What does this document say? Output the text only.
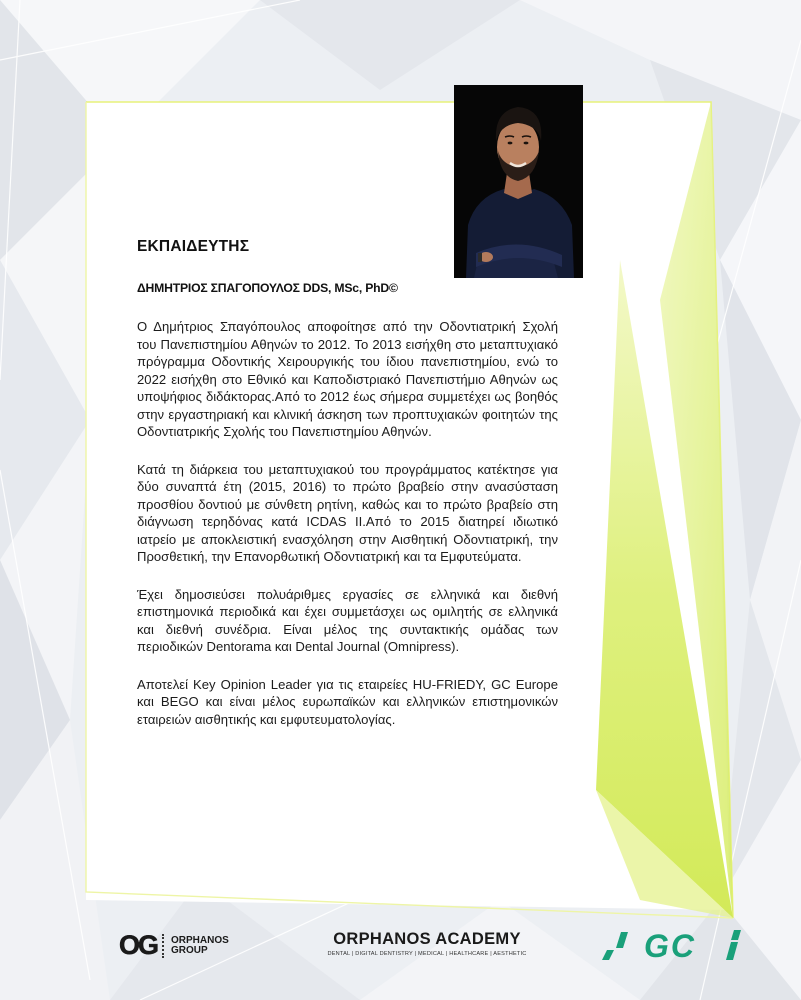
ΕΚΠΑΙΔΕΥΤΗΣ
ΔΗΜΗΤΡΙΟΣ ΣΠΑΓΟΠΟΥΛΟΣ DDS, MSc, PhD©

Ο Δημήτριος Σπαγόπουλος αποφοίτησε από την Οδοντιατρική Σχολή του Πανεπιστημίου Αθηνών το 2012. Το 2013 εισήχθη στο μεταπτυχιακό πρόγραμμα Οδοντικής Χειρουργικής του ίδιου πανεπιστημίου, ενώ το 2022 εισήχθη στο Εθνικό και Καποδιστριακό Πανεπιστήμιο Αθηνών ως υποψήφιος διδάκτορας.Από το 2012 έως σήμερα συμμετέχει ως βοηθός στην εργαστηριακή και κλινική άσκηση των προπτυχιακών φοιτητών της Οδοντιατρικής Σχολής του Πανεπιστημίου Αθηνών.

Κατά τη διάρκεια του μεταπτυχιακού του προγράμματος κατέκτησε για δύο συναπτά έτη (2015, 2016) το πρώτο βραβείο στην ανασύσταση προσθίου δοντιού με σύνθετη ρητίνη, καθώς και το πρώτο βραβείο στη διάγνωση τερηδόνας κατά ICDAS II.Από το 2015 διατηρεί ιδιωτικό ιατρείο με αποκλειστική ενασχόληση στην Αισθητική Οδοντιατρική, την Προσθετική, την Επανορθωτική Οδοντιατρική και τα Εμφυτεύματα.

Έχει δημοσιεύσει πολυάριθμες εργασίες σε ελληνικά και διεθνή επιστημονικά περιοδικά και έχει συμμετάσχει ως ομιλητής σε ελληνικά και διεθνή συνέδρια. Είναι μέλος της συντακτικής ομάδας των περιοδικών Dentorama και Dental Journal (Omnipress).

Αποτελεί Key Opinion Leader για τις εταιρείες HU-FRIEDY, GC Europe και BEGO και είναι μέλος ευρωπαϊκών και ελληνικών επιστημονικών εταιρειών αισθητικής και εμφυτευματολογίας.

OG ORPHANOS
GROUP
ORPHANOS ACADEMY
DENTAL | DIGITAL DENTISTRY | MEDICAL | HEALTHCARE | AESTHETIC	GC
